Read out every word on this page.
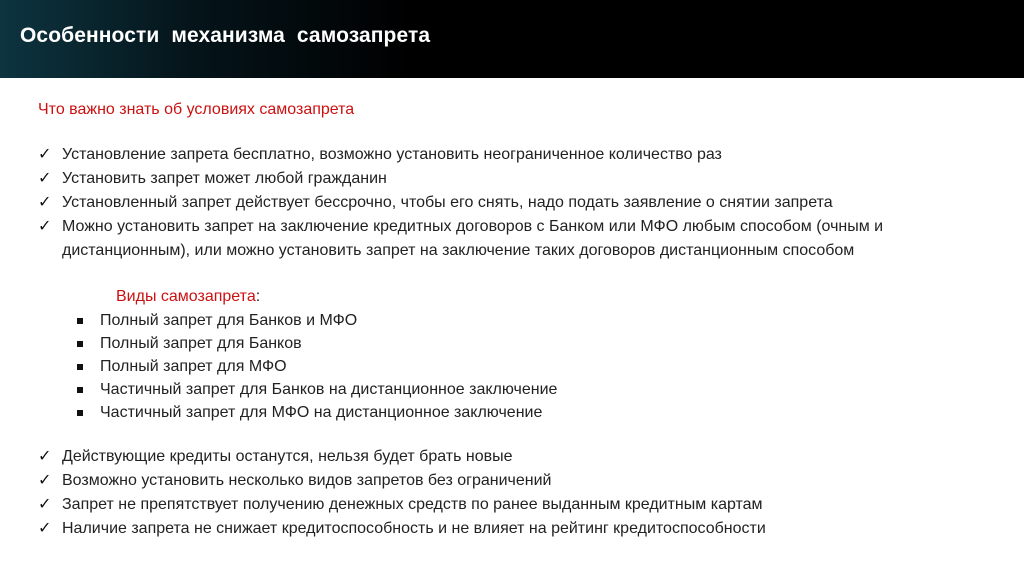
Особенности механизма самозапрета

Что важно знать об условиях самозапрета

✓ Установление запрета бесплатно, возможно установить неограниченное количество раз
✓ Установить запрет может любой гражданин
✓ Установленный запрет действует бессрочно, чтобы его снять, надо подать заявление о снятии запрета
✓ Можно установить запрет на заключение кредитных договоров с Банком или МФО любым способом (очным и дистанционным), или можно установить запрет на заключение таких договоров дистанционным способом

Виды самозапрета:

Полный запрет для Банков и МФО
Полный запрет для Банков
Полный запрет для МФО
Частичный запрет для Банков на дистанционное заключение
Частичный запрет для МФО на дистанционное заключение
✓ Действующие кредиты останутся, нельзя будет брать новые
✓ Возможно установить несколько видов запретов без ограничений
✓ Запрет не препятствует получению денежных средств по ранее выданным кредитным картам
✓ Наличие запрета не снижает кредитоспособность и не влияет на рейтинг кредитоспособности
